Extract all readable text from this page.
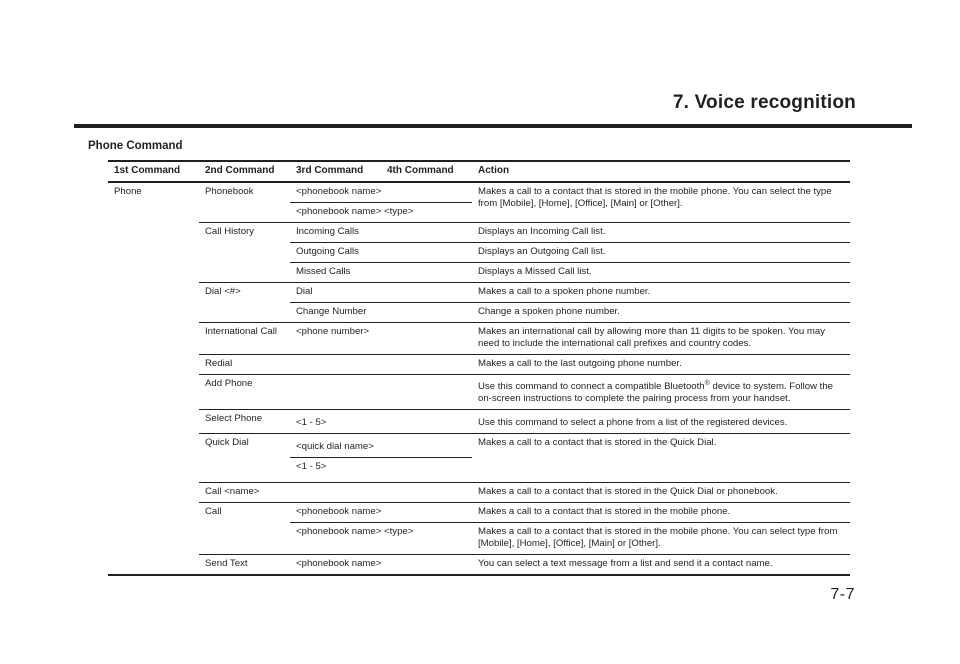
7. Voice recognition
Phone Command
1st Command	2nd Command	3rd Command	4th Command	Action
Phone	Phonebook	<phonebook name>		Makes a call to a contact that is stored in the mobile phone. You can select the type from [Mobile], [Home], [Office], [Main] or [Other].
		<phonebook name> <type>		
	Call History	Incoming Calls		Displays an Incoming Call list.
		Outgoing Calls		Displays an Outgoing Call list.
		Missed Calls		Displays a Missed Call list.
	Dial <#>	Dial		Makes a call to a spoken phone number.
		Change Number		Change a spoken phone number.
	International Call	<phone number>		Makes an international call by allowing more than 11 digits to be spoken. You may need to include the international call prefixes and country codes.
	Redial			Makes a call to the last outgoing phone number.
	Add Phone			Use this command to connect a compatible Bluetooth® device to system. Follow the on-screen instructions to complete the pairing process from your handset.
	Select Phone	<1 - 5>		Use this command to select a phone from a list of the registered devices.
	Quick Dial	<quick dial name>		Makes a call to a contact that is stored in the Quick Dial.
		<1 - 5>		
	Call <name>			Makes a call to a contact that is stored in the Quick Dial or phonebook.
	Call	<phonebook name>		Makes a call to a contact that is stored in the mobile phone.
		<phonebook name> <type>		Makes a call to a contact that is stored in the mobile phone. You can select type from [Mobile], [Home], [Office], [Main] or [Other].
	Send Text	<phonebook name>		You can select a text message from a list and send it a contact name.
7-7
